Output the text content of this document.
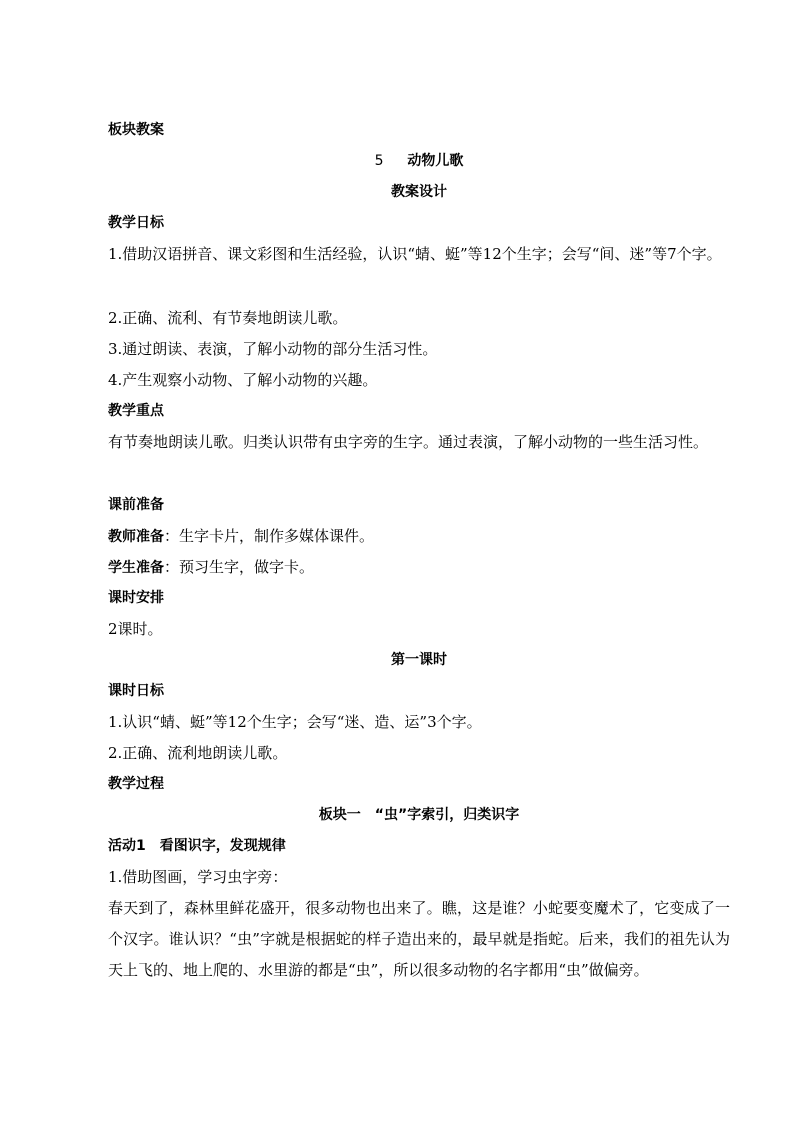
板块教案
5 动物儿歌
教案设计
教学日标
1.借助汉语拼音、课文彩图和生活经验，认识“蜻、蜓”等12个生字；会写“间、迷”等7个字。
2.正确、流利、有节奏地朗读儿歌。
3.通过朗读、表演，了解小动物的部分生活习性。
4.产生观察小动物、了解小动物的兴趣。
教学重点
有节奏地朗读儿歌。归类认识带有虫字旁的生字。通过表演，了解小动物的一些生活习性。
课前准备
教师准备：生字卡片，制作多媒体课件。
学生准备：预习生字，做字卡。
课时安排
2课时。
第一课时
课时日标
1.认识“蜻、蜓”等12个生字；会写“迷、造、运”3个字。
2.正确、流利地朗读儿歌。
教学过程
板块一　“虫”字索引，归类识字
活动1　看图识字，发现规律
1.借助图画，学习虫字旁：
春天到了，森林里鲜花盛开，很多动物也出来了。瞧，这是谁？小蛇要变魔术了，它变成了一个汉字。谁认识？“虫”字就是根据蛇的样子造出来的，最早就是指蛇。后来，我们的祖先认为天上飞的、地上爬的、水里游的都是“虫”，所以很多动物的名字都用“虫”做偏旁。
